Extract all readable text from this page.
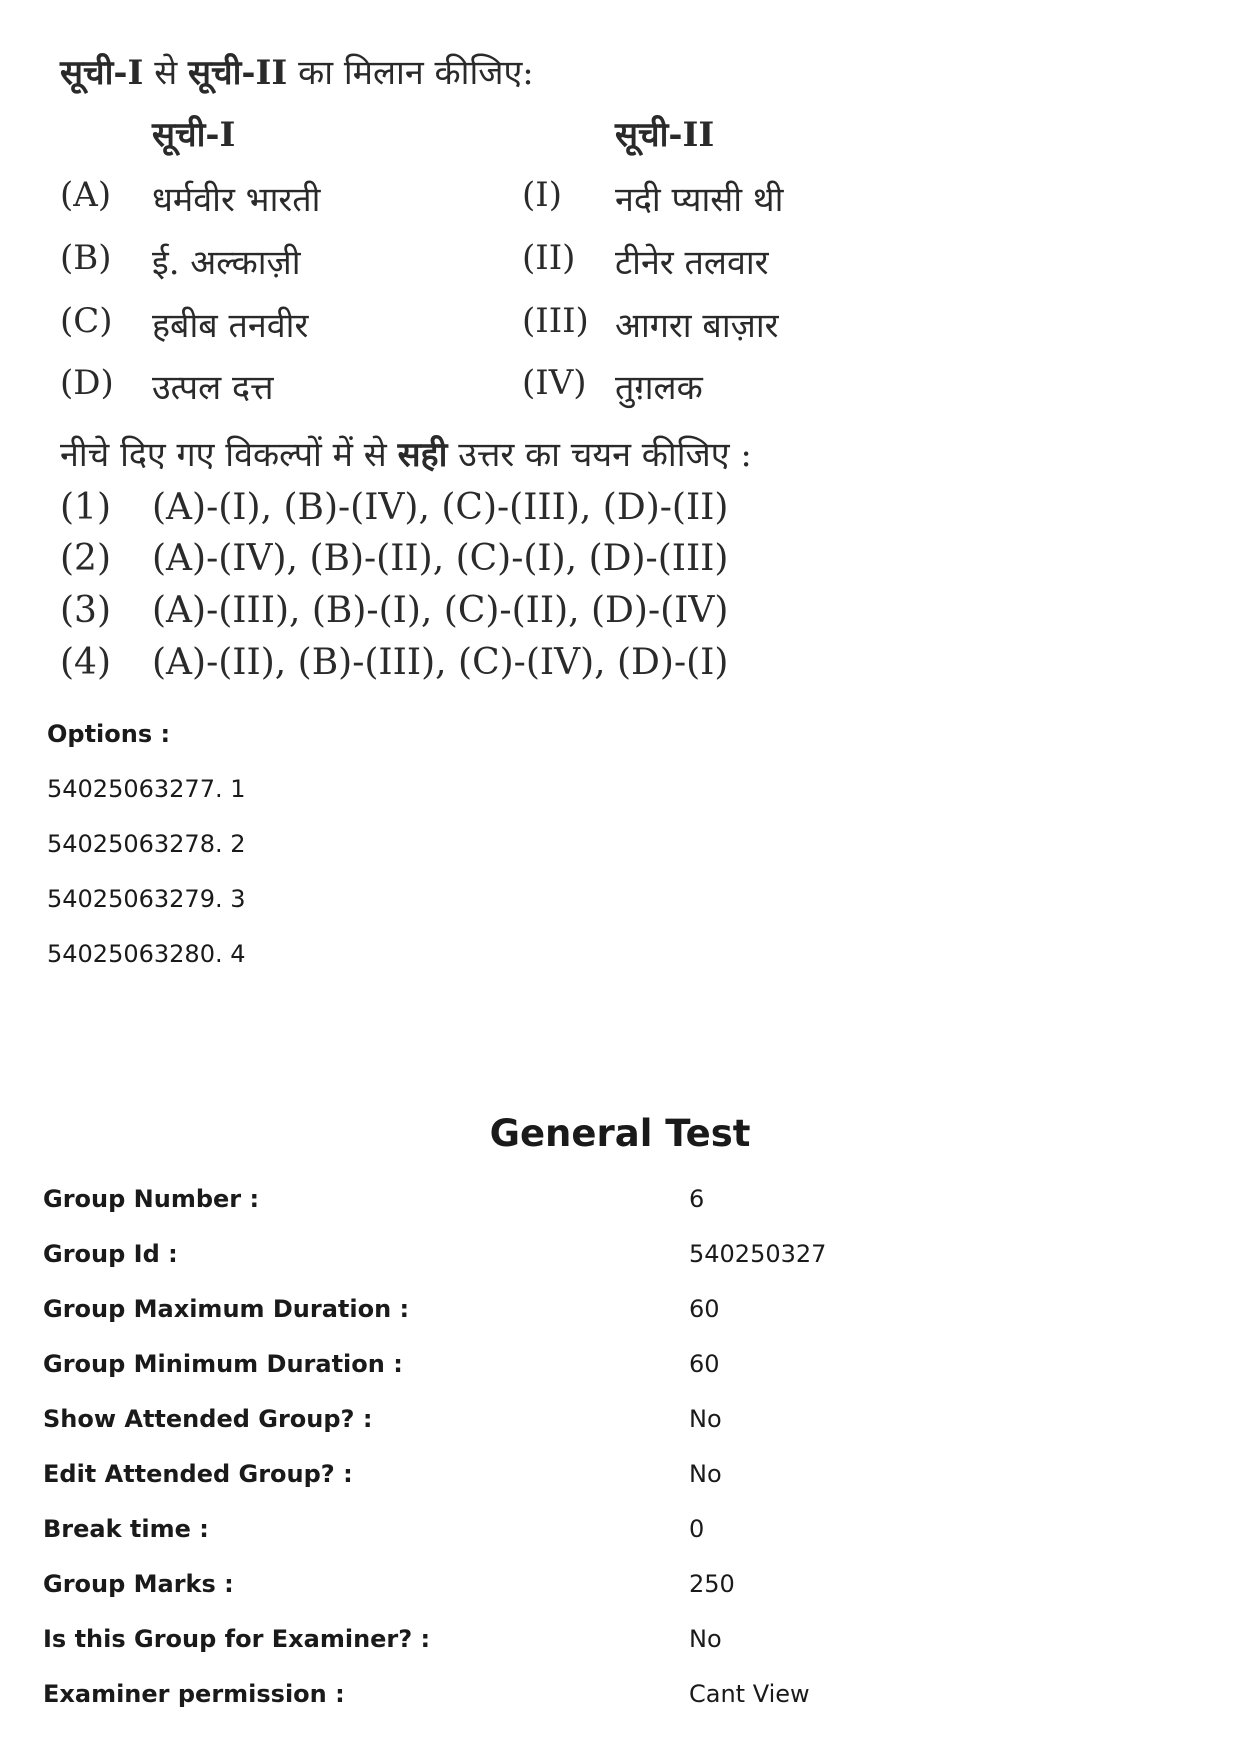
सूची-I से सूची-II का मिलान कीजिए:
सूची-I	सूची-II
(A) धर्मवीर भारती	(I) नदी प्यासी थी
(B) ई. अल्काज़ी	(II) टीनेर तलवार
(C) हबीब तनवीर	(III) आगरा बाज़ार
(D) उत्पल दत्त	(IV) तुग़लक
नीचे दिए गए विकल्पों में से सही उत्तर का चयन कीजिए :
(1) (A)-(I), (B)-(IV), (C)-(III), (D)-(II)
(2) (A)-(IV), (B)-(II), (C)-(I), (D)-(III)
(3) (A)-(III), (B)-(I), (C)-(II), (D)-(IV)
(4) (A)-(II), (B)-(III), (C)-(IV), (D)-(I)
Options :
54025063277. 1
54025063278. 2
54025063279. 3
54025063280. 4
General Test
Group Number :	6
Group Id :	540250327
Group Maximum Duration :	60
Group Minimum Duration :	60
Show Attended Group? :	No
Edit Attended Group? :	No
Break time :	0
Group Marks :	250
Is this Group for Examiner? :	No
Examiner permission :	Cant View
